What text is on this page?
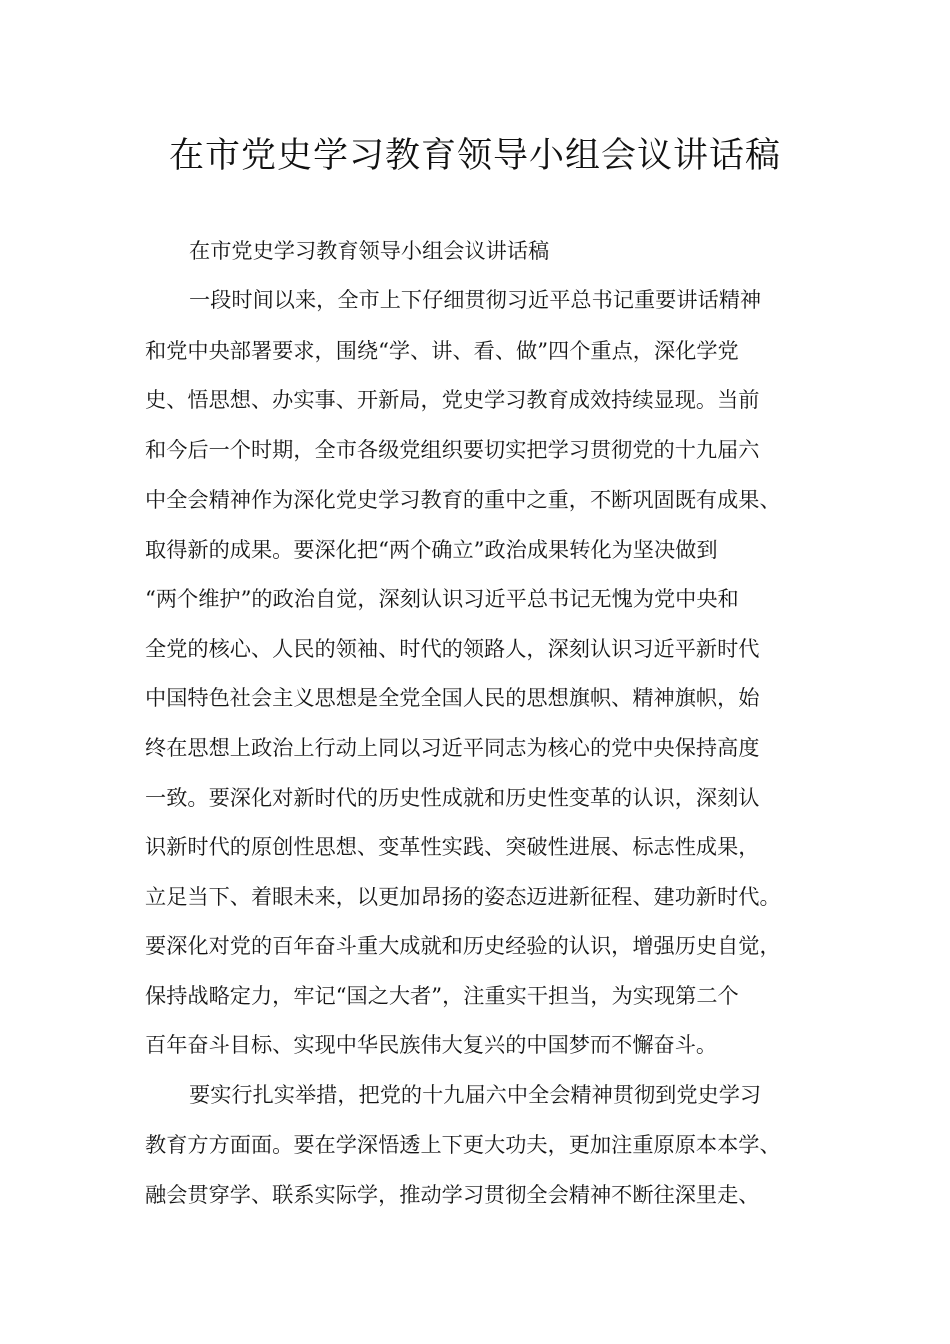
在市党史学习教育领导小组会议讲话稿
在市党史学习教育领导小组会议讲话稿
一段时间以来，全市上下仔细贯彻习近平总书记重要讲话精神
和党中央部署要求，围绕“学、讲、看、做”四个重点，深化学党
史、悟思想、办实事、开新局，党史学习教育成效持续显现。当前
和今后一个时期，全市各级党组织要切实把学习贯彻党的十九届六
中全会精神作为深化党史学习教育的重中之重，不断巩固既有成果、
取得新的成果。要深化把“两个确立”政治成果转化为坚决做到
“两个维护”的政治自觉，深刻认识习近平总书记无愧为党中央和
全党的核心、人民的领袖、时代的领路人，深刻认识习近平新时代
中国特色社会主义思想是全党全国人民的思想旗帜、精神旗帜，始
终在思想上政治上行动上同以习近平同志为核心的党中央保持高度
一致。要深化对新时代的历史性成就和历史性变革的认识，深刻认
识新时代的原创性思想、变革性实践、突破性进展、标志性成果，
立足当下、着眼未来，以更加昂扬的姿态迈进新征程、建功新时代。
要深化对党的百年奋斗重大成就和历史经验的认识，增强历史自觉，
保持战略定力，牢记“国之大者”，注重实干担当，为实现第二个
百年奋斗目标、实现中华民族伟大复兴的中国梦而不懈奋斗。
要实行扎实举措，把党的十九届六中全会精神贯彻到党史学习
教育方方面面。要在学深悟透上下更大功夫，更加注重原原本本学、
融会贯穿学、联系实际学，推动学习贯彻全会精神不断往深里走、
